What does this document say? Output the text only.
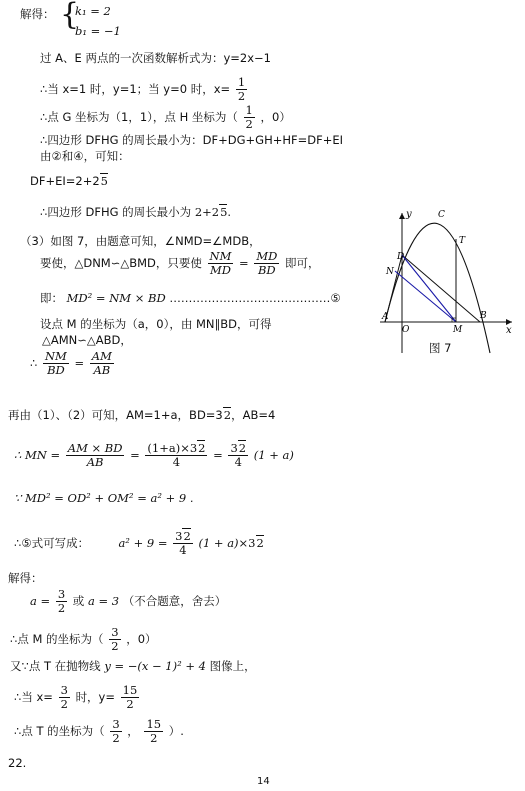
解得： {
k₁ = 2
b₁ = −1
过 A、E 两点的一次函数解析式为：y=2x−1
∴当 x=1 时，y=1；当 y=0 时，$x= \frac{1}{2}$
∴点 G 坐标为（1，1），点 H 坐标为（ $\frac{1}{2}$ ，0）
∴四边形 DFHG 的周长最小为：DF+DG+GH+HF=DF+EI
由②和④，可知：
DF+EI=2+25
∴四边形 DFHG 的周长最小为 2+25.
（3）如图 7，由题意可知，∠NMD=∠MDB，
要使，△DNM∽△BMD，只要使 $\frac{NM}{MD} = \frac{MD}{BD}$ 即可，
即： MD² = NM × BD ……………………………………⑤
设点 M 的坐标为（a，0），由 MN∥BD，可得
△AMN∽△ABD，
∴ $\frac{NM}{BD} = \frac{AM}{AB}$
再由（1）、（2）可知，AM=1+a，BD=32，AB=4
∴ MN = $\frac{AM \times BD}{AB} = \frac{(1+a)\times 32}{4} = \frac{32}{4} (1 + a)$
∵ MD² = OD² + OM² = a² + 9 .
∴⑤式可写成：	$a^2 + 9 = \frac{32}{4} (1 + a)\times 32$
解得：
$a = \frac{3}{2}$ 或 a = 3 （不合题意，舍去）
∴点 M 的坐标为（ $\frac{3}{2}$ ，0）
又∵点 T 在抛物线 y = −(x − 1)² + 4 图像上，
∴当 $x= \frac{3}{2}$ 时，$y= \frac{15}{2}$
∴点 T 的坐标为（ $\frac{3}{2}$ ， $\frac{15}{2}$ ）.
22.
14
y
x
C
T
D
N
A
O	M
B
图 7
